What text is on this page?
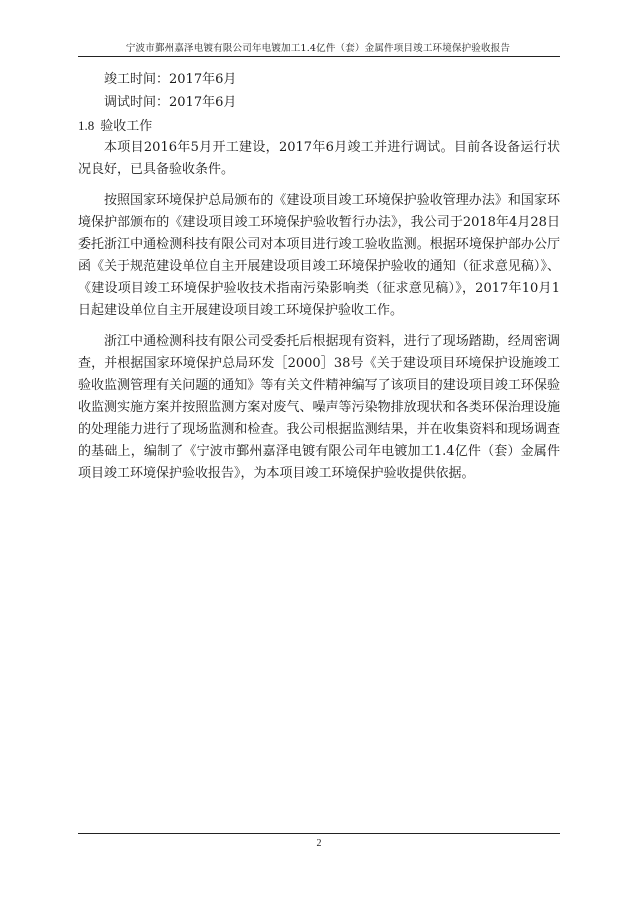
宁波市鄞州嘉泽电镀有限公司年电镀加工1.4亿件（套）金属件项目竣工环境保护验收报告
竣工时间：2017年6月
调试时间：2017年6月
1.8 验收工作

本项目2016年5月开工建设，2017年6月竣工并进行调试。目前各设备运行状况良好，已具备验收条件。

按照国家环境保护总局颁布的《建设项目竣工环境保护验收管理办法》和国家环境保护部颁布的《建设项目竣工环境保护验收暂行办法》，我公司于2018年4月28日委托浙江中通检测科技有限公司对本项目进行竣工验收监测。根据环境保护部办公厅函《关于规范建设单位自主开展建设项目竣工环境保护验收的通知（征求意见稿）》、《建设项目竣工环境保护验收技术指南污染影响类（征求意见稿）》，2017年10月1日起建设单位自主开展建设项目竣工环境保护验收工作。

浙江中通检测科技有限公司受委托后根据现有资料，进行了现场踏勘，经周密调查，并根据国家环境保护总局环发［2000］38号《关于建设项目环境保护设施竣工验收监测管理有关问题的通知》等有关文件精神编写了该项目的建设项目竣工环保验收监测实施方案并按照监测方案对废气、噪声等污染物排放现状和各类环保治理设施的处理能力进行了现场监测和检查。我公司根据监测结果，并在收集资料和现场调查的基础上，编制了《宁波市鄞州嘉泽电镀有限公司年电镀加工1.4亿件（套）金属件项目竣工环境保护验收报告》，为本项目竣工环境保护验收提供依据。

2
